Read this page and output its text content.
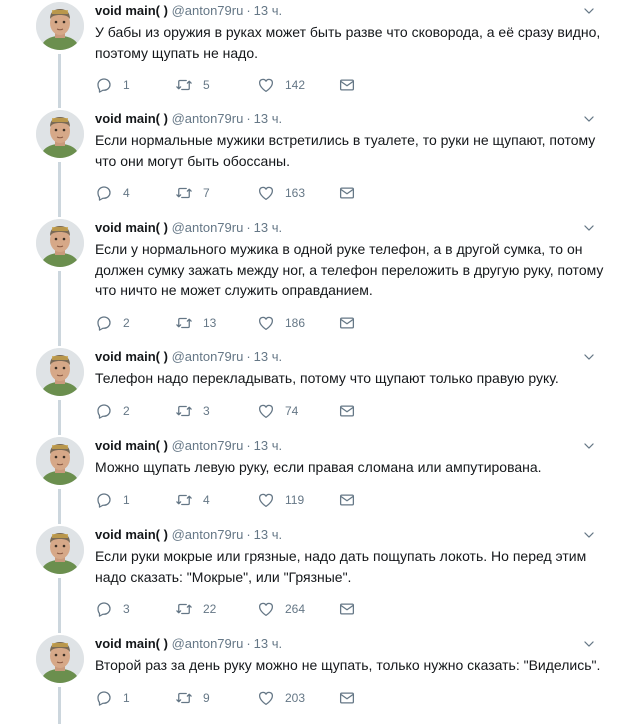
void main( ) @anton79ru · 13 ч.
У бабы из оружия в руках может быть разве что сковорода, а её сразу видно, поэтому щупать не надо.
1	5	142
void main( ) @anton79ru · 13 ч.
Если нормальные мужики встретились в туалете, то руки не щупают, потому что они могут быть обоссаны.
4	7	163
void main( ) @anton79ru · 13 ч.
Если у нормального мужика в одной руке телефон, а в другой сумка, то он должен сумку зажать между ног, а телефон переложить в другую руку, потому что ничто не может служить оправданием.
2	13	186
void main( ) @anton79ru · 13 ч.
Телефон надо перекладывать, потому что щупают только правую руку.
2	3	74
void main( ) @anton79ru · 13 ч.
Можно щупать левую руку, если правая сломана или ампутирована.
1	4	119
void main( ) @anton79ru · 13 ч.
Если руки мокрые или грязные, надо дать пощупать локоть. Но перед этим надо сказать: "Мокрые", или "Грязные".
3	22	264
void main( ) @anton79ru · 13 ч.
Второй раз за день руку можно не щупать, только нужно сказать: "Виделись".
1	9	203
